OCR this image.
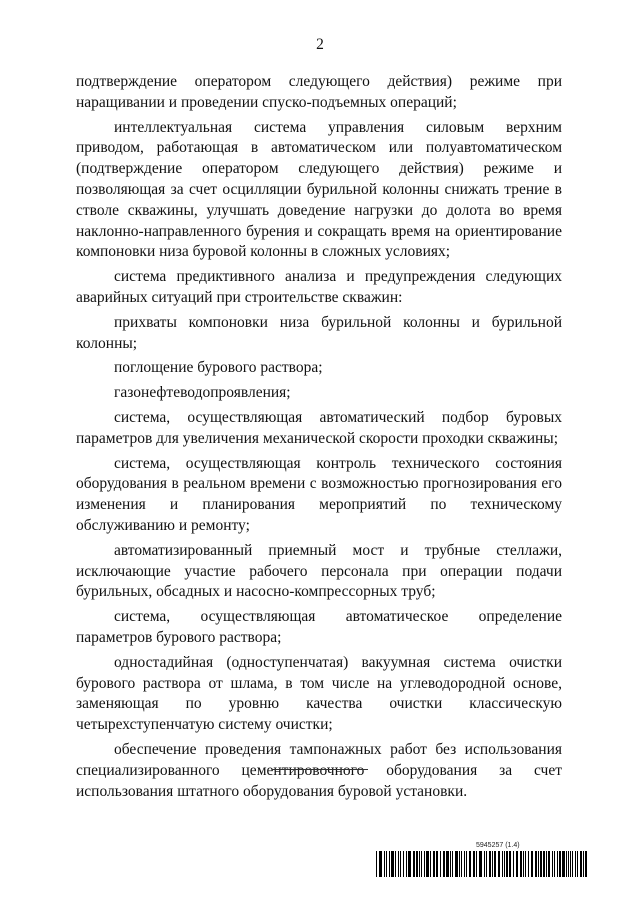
2

подтверждение оператором следующего действия) режиме при наращивании и проведении спуско-подъемных операций;

интеллектуальная система управления силовым верхним приводом, работающая в автоматическом или полуавтоматическом (подтверждение оператором следующего действия) режиме и позволяющая за счет осцилляции бурильной колонны снижать трение в стволе скважины, улучшать доведение нагрузки до долота во время наклонно-направленного бурения и сокращать время на ориентирование компоновки низа буровой колонны в сложных условиях;

система предиктивного анализа и предупреждения следующих аварийных ситуаций при строительстве скважин:

прихваты компоновки низа бурильной колонны и бурильной колонны;

поглощение бурового раствора;

газонефтеводопроявления;

система, осуществляющая автоматический подбор буровых параметров для увеличения механической скорости проходки скважины;

система, осуществляющая контроль технического состояния оборудования в реальном времени с возможностью прогнозирования его изменения и планирования мероприятий по техническому обслуживанию и ремонту;

автоматизированный приемный мост и трубные стеллажи, исключающие участие рабочего персонала при операции подачи бурильных, обсадных и насосно-компрессорных труб;

система, осуществляющая автоматическое определение параметров бурового раствора;

одностадийная (одноступенчатая) вакуумная система очистки бурового раствора от шлама, в том числе на углеводородной основе, заменяющая по уровню качества очистки классическую четырехступенчатую систему очистки;

обеспечение проведения тампонажных работ без использования специализированного цементировочного оборудования за счет использования штатного оборудования буровой установки.

5945257 (1.4)
